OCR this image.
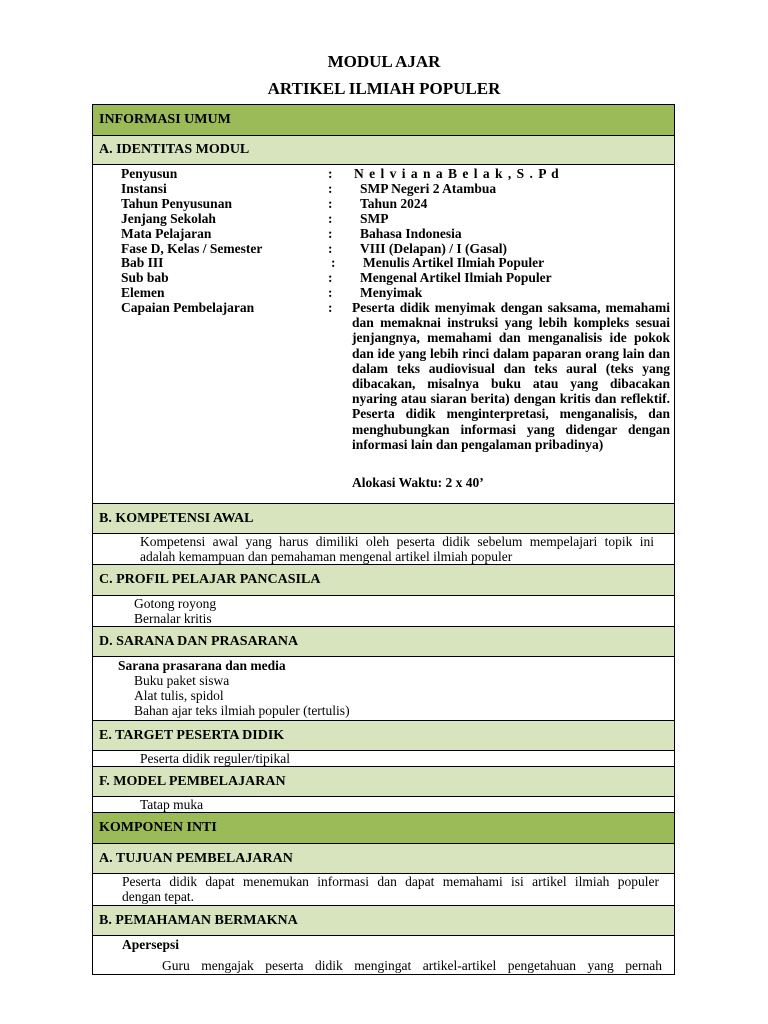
MODUL AJAR
ARTIKEL ILMIAH POPULER
INFORMASI UMUM
A. IDENTITAS MODUL
Penyusun	: N e l v i a n a B e l a k , S . P d
Instansi	: SMP Negeri 2 Atambua
Tahun Penyusunan	: Tahun 2024
Jenjang Sekolah	: SMP
Mata Pelajaran	: Bahasa Indonesia
Fase D, Kelas / Semester	: VIII (Delapan) / I (Gasal)
Bab III	: Menulis Artikel Ilmiah Populer
Sub bab	: Mengenal Artikel Ilmiah Populer
Elemen	: Menyimak
Capaian Pembelajaran	: Peserta didik menyimak dengan saksama, memahami dan memaknai instruksi yang lebih kompleks sesuai jenjangnya, memahami dan menganalisis ide pokok dan ide yang lebih rinci dalam paparan orang lain dan dalam teks audiovisual dan teks aural (teks yang dibacakan, misalnya buku atau yang dibacakan nyaring atau siaran berita) dengan kritis dan reflektif. Peserta didik menginterpretasi, menganalisis, dan menghubungkan informasi yang didengar dengan informasi lain dan pengalaman pribadinya)
Alokasi Waktu: 2 x 40’
B. KOMPETENSI AWAL
Kompetensi awal yang harus dimiliki oleh peserta didik sebelum mempelajari topik ini
adalah kemampuan dan pemahaman mengenal artikel ilmiah populer
C. PROFIL PELAJAR PANCASILA
Gotong royong
Bernalar kritis
D. SARANA DAN PRASARANA
Sarana prasarana dan media
Buku paket siswa
Alat tulis, spidol
Bahan ajar teks ilmiah populer (tertulis)
E. TARGET PESERTA DIDIK
Peserta didik reguler/tipikal
F. MODEL PEMBELAJARAN
Tatap muka
KOMPONEN INTI
A. TUJUAN PEMBELAJARAN
Peserta didik dapat menemukan informasi dan dapat memahami isi artikel ilmiah populer
dengan tepat.
B. PEMAHAMAN BERMAKNA
Apersepsi
Guru mengajak peserta didik mengingat artikel-artikel pengetahuan yang pernah
